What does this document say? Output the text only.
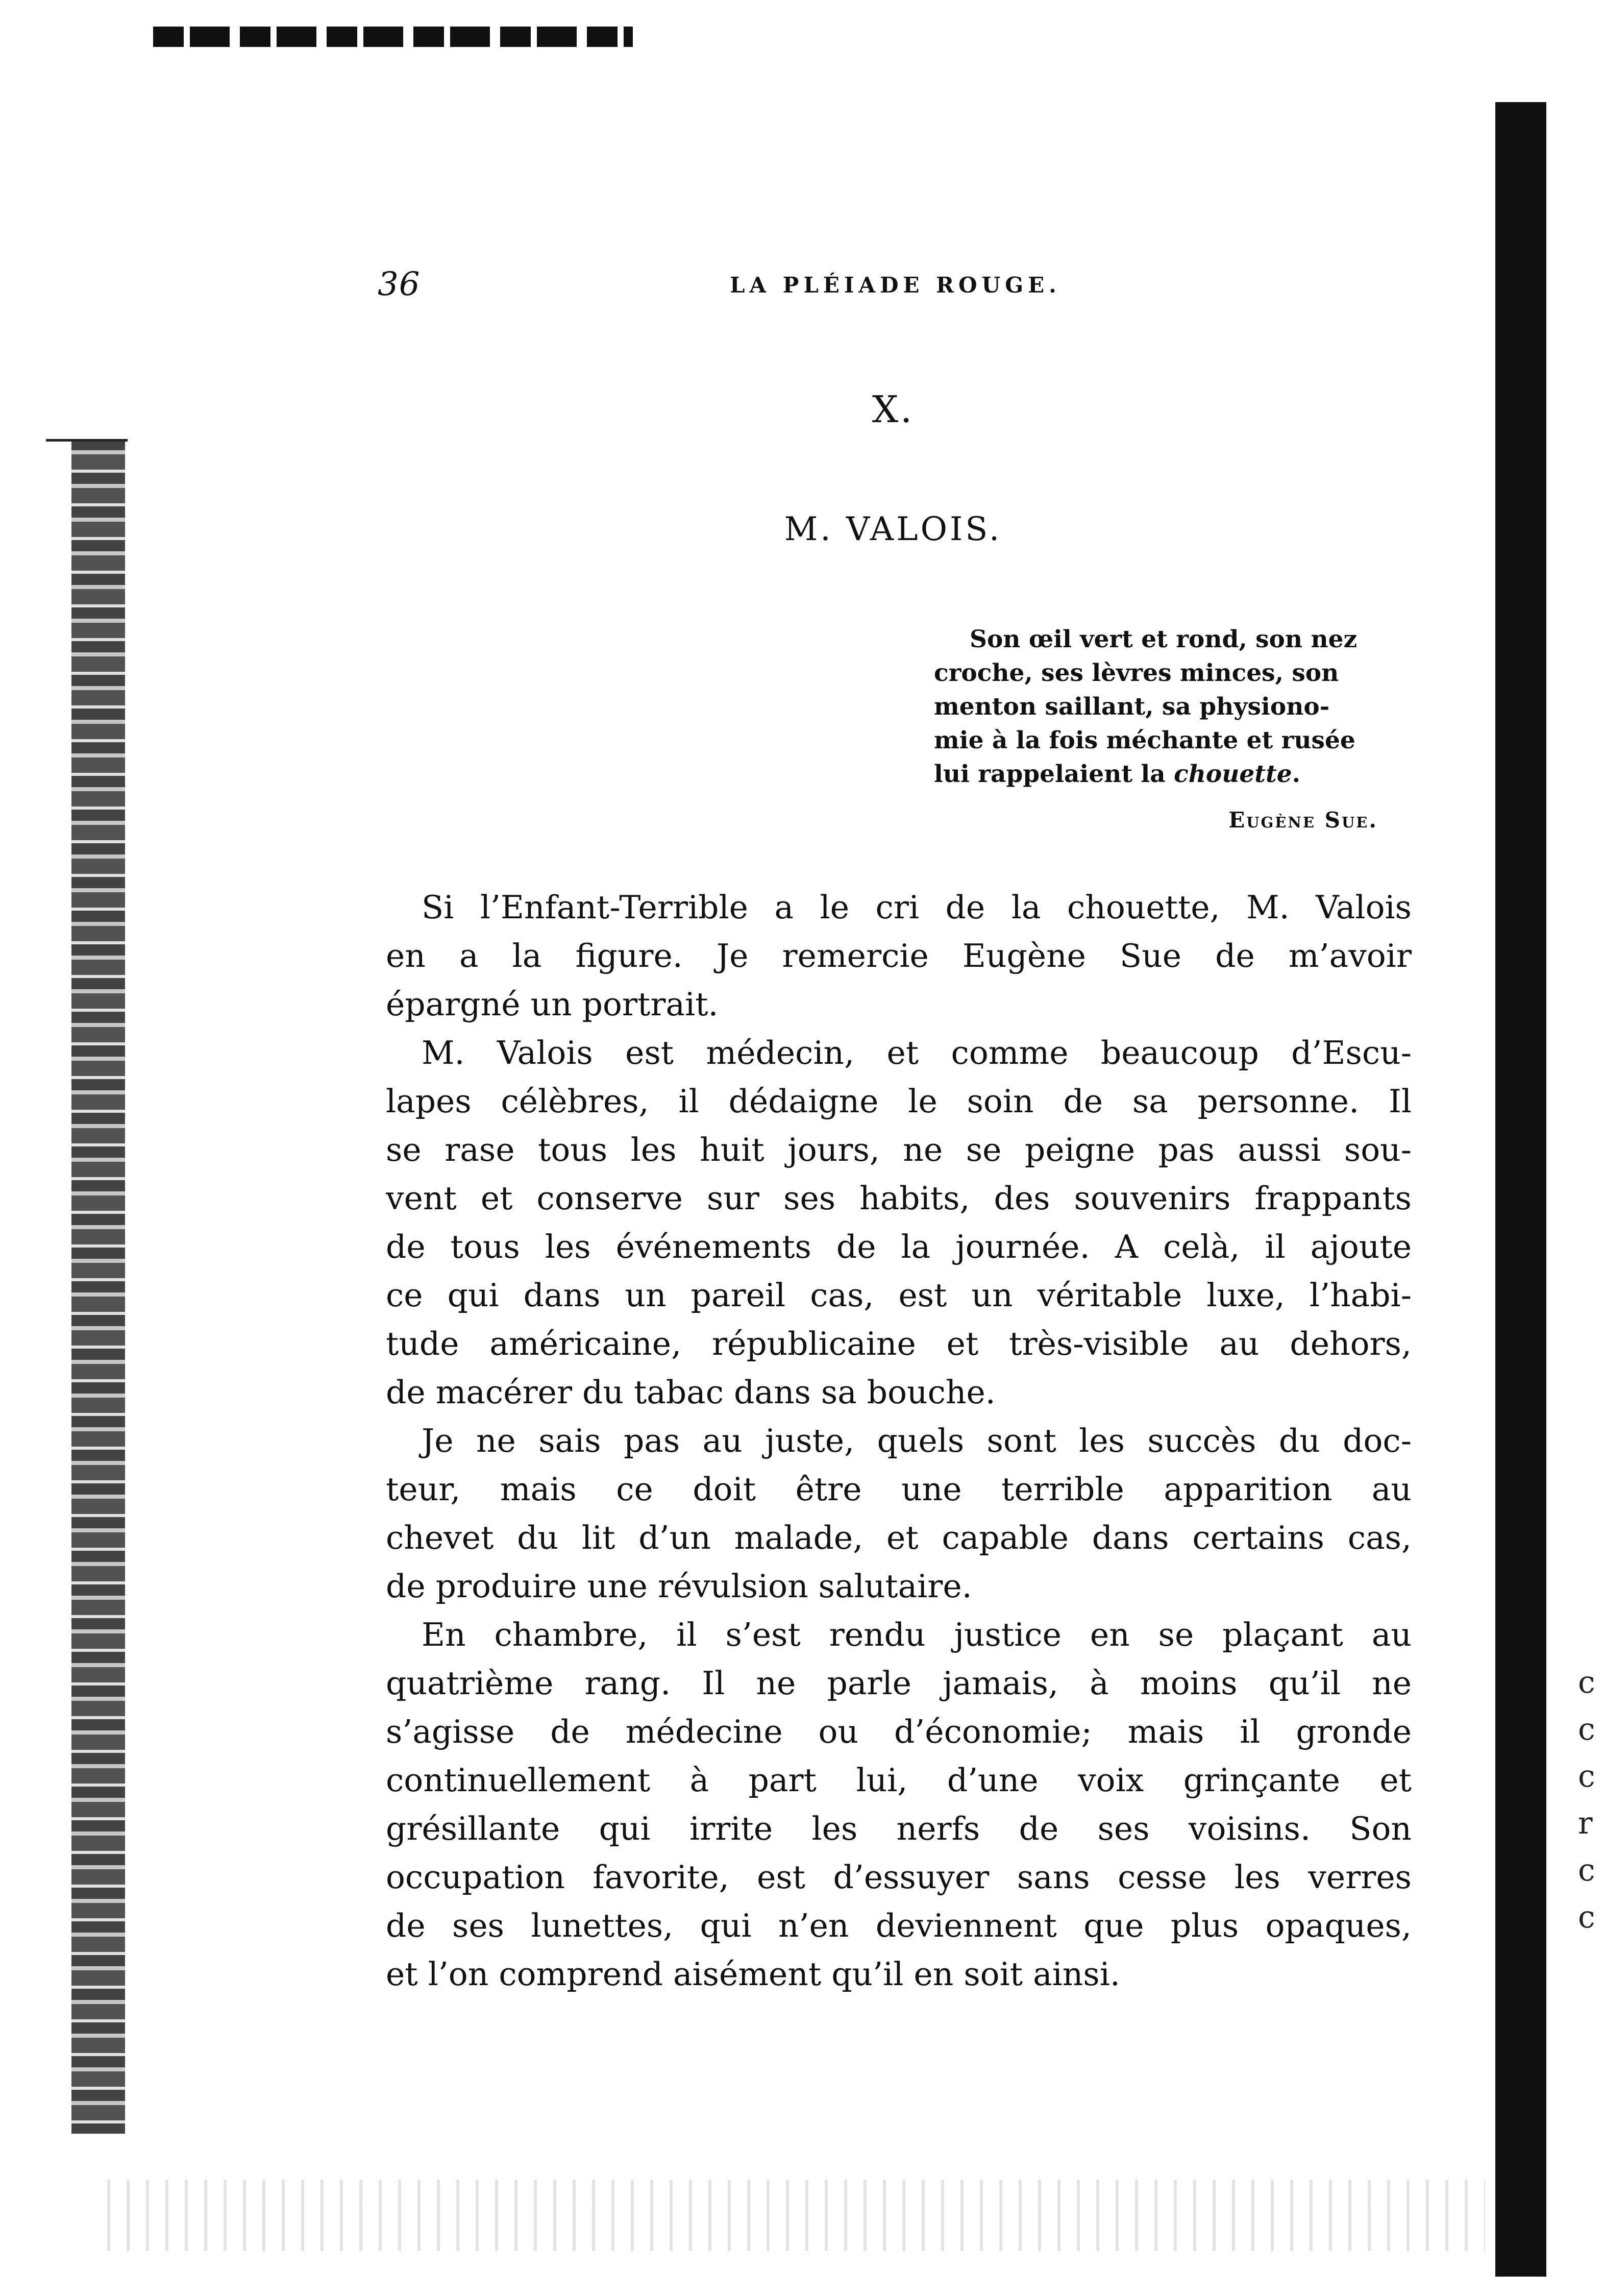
c
c
c
r
c
c
36	LA PLÉIADE ROUGE.
X.
M. VALOIS.
Son œil vert et rond, son nez
croche, ses lèvres minces, son
menton saillant, sa physiono-
mie à la fois méchante et rusée
lui rappelaient la chouette.
Eugène Sue.
Si l’Enfant-Terrible a le cri de la chouette, M. Valois
en a la figure. Je remercie Eugène Sue de m’avoir
épargné un portrait.
M. Valois est médecin, et comme beaucoup d’Escu-
lapes célèbres, il dédaigne le soin de sa personne. Il
se rase tous les huit jours, ne se peigne pas aussi sou-
vent et conserve sur ses habits, des souvenirs frappants
de tous les événements de la journée. A celà, il ajoute
ce qui dans un pareil cas, est un véritable luxe, l’habi-
tude américaine, républicaine et très-visible au dehors,
de macérer du tabac dans sa bouche.
Je ne sais pas au juste, quels sont les succès du doc-
teur, mais ce doit être une terrible apparition au
chevet du lit d’un malade, et capable dans certains cas,
de produire une révulsion salutaire.
En chambre, il s’est rendu justice en se plaçant au
quatrième rang. Il ne parle jamais, à moins qu’il ne
s’agisse de médecine ou d’économie; mais il gronde
continuellement à part lui, d’une voix grinçante et
grésillante qui irrite les nerfs de ses voisins. Son
occupation favorite, est d’essuyer sans cesse les verres
de ses lunettes, qui n’en deviennent que plus opaques,
et l’on comprend aisément qu’il en soit ainsi.
